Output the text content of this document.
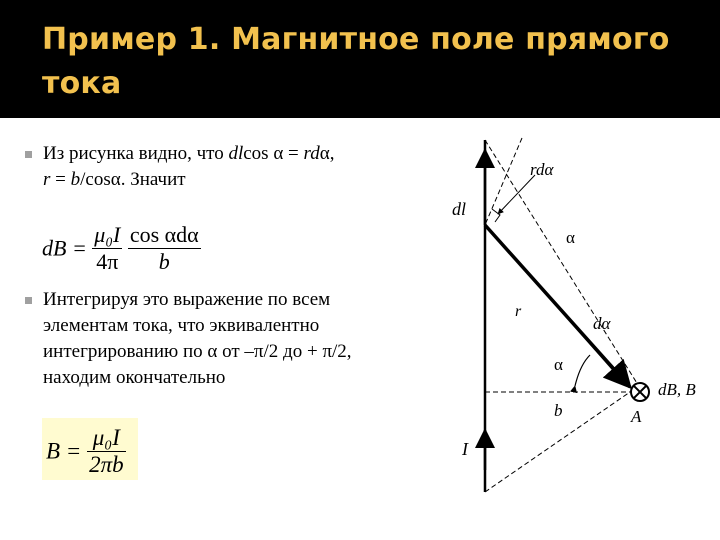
Пример 1. Магнитное поле прямого тока
Из рисунка видно, что dlcos α = rdα,
r = b/cosα. Значит
dB = $\frac{\text{μ₀I}}{4\pi}$
$\frac{\text{cos αdα}}{b}$
Интегрируя это выражение по всем
элементам тока, что эквивалентно
интегрированию по α от –π/2 до + π/2,
находим окончательно
$B = \frac{\text{μ₀I}}{2\pi b}$
rdα
dl
α
r
dα
α
b
I
dB, B
A
